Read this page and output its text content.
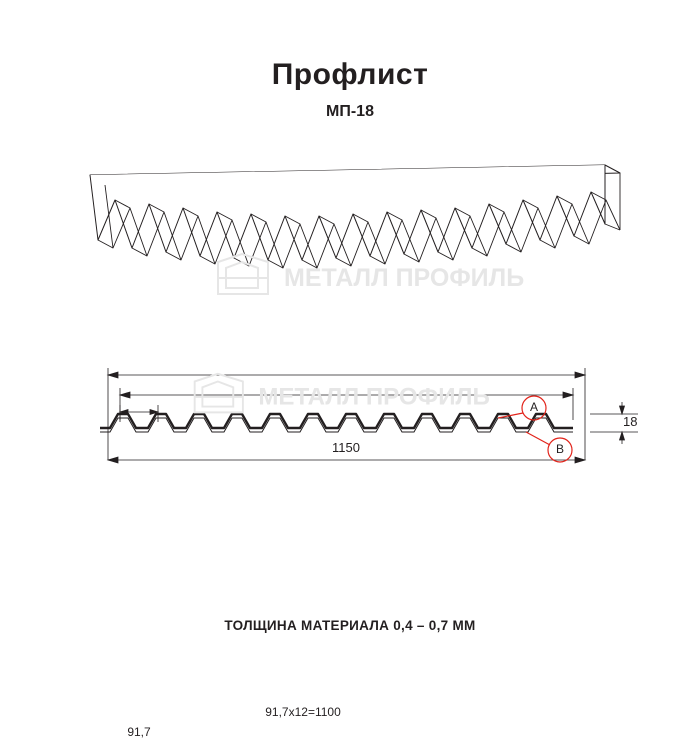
Профлист
МП-18
МЕТАЛЛ ПРОФИЛЬ
91,7х12=1100
91,7
1150
18
A
B
МЕТАЛЛ ПРОФИЛЬ
ТОЛЩИНА МАТЕРИАЛА 0,4 – 0,7 ММ
